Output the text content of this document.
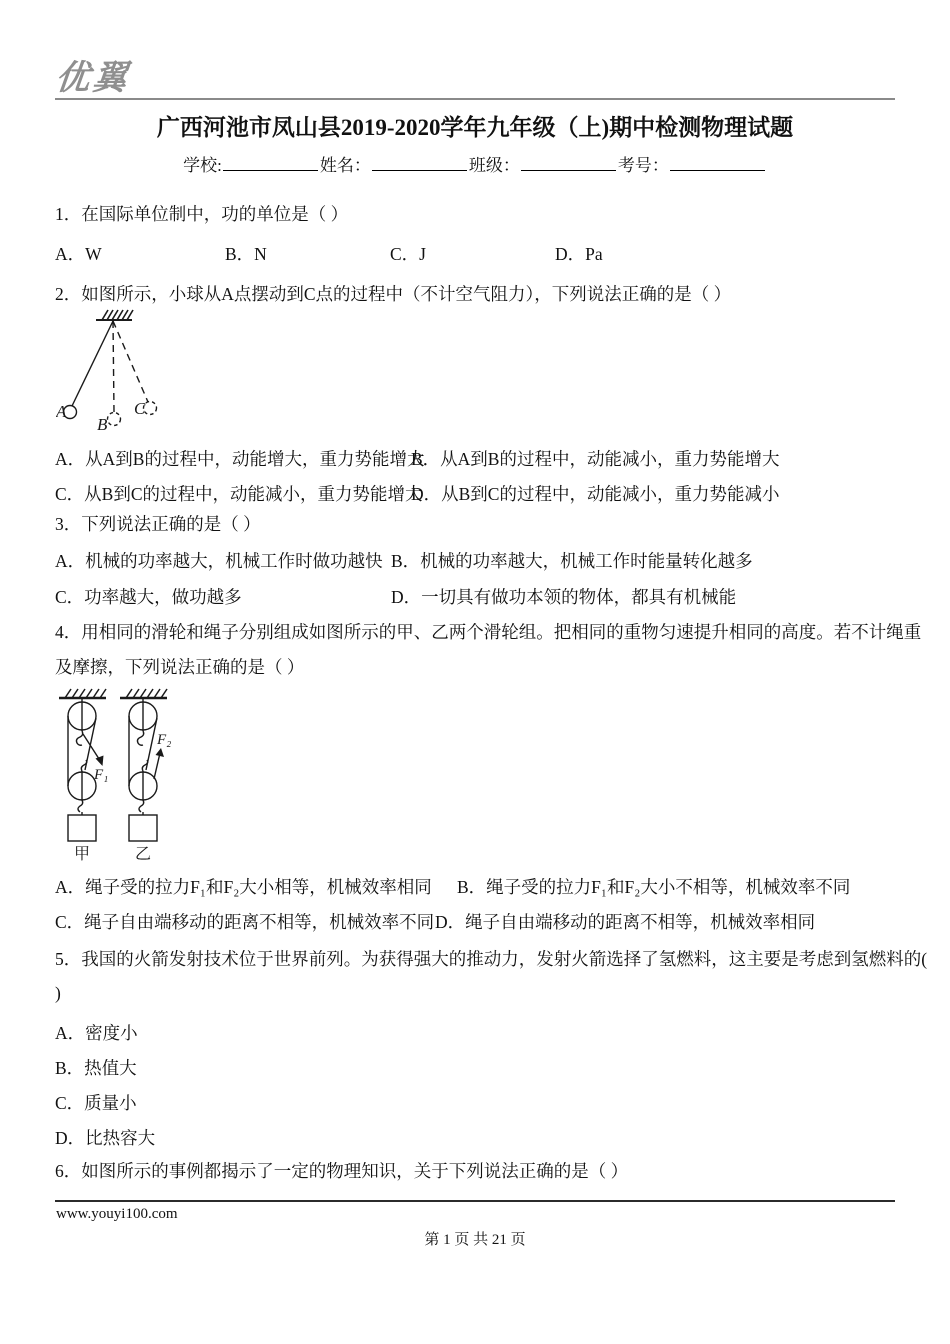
优翼
广西河池市凤山县2019-2020学年九年级（上)期中检测物理试题
学校:	姓名：	班级：	考号：
1．在国际单位制中，功的单位是（ ）
A．W	B．N	C．J	D．Pa
2．如图所示，小球从A点摆动到C点的过程中（不计空气阻力），下列说法正确的是（ ）
A
B
C
A．从A到B的过程中，动能增大，重力势能增大
B．从A到B的过程中，动能减小，重力势能增大
C．从B到C的过程中，动能减小，重力势能增大
D．从B到C的过程中，动能减小，重力势能减小
3．下列说法正确的是（ ）
A．机械的功率越大，机械工作时做功越快 B．机械的功率越大，机械工作时能量转化越多
C．功率越大，做功越多	D．一切具有做功本领的物体，都具有机械能
4．用相同的滑轮和绳子分别组成如图所示的甲、乙两个滑轮组。把相同的重物匀速提升相同的高度。若不计绳重
及摩擦，下列说法正确的是（ ）
F₁
甲
F₂
乙
A．绳子受的拉力F₁和F₂大小相等，机械效率相同	B．绳子受的拉力F₁和F₂大小不相等，机械效率不同
C．绳子自由端移动的距离不相等，机械效率不同 D．绳子自由端移动的距离不相等，机械效率相同
5．我国的火箭发射技术位于世界前列。为获得强大的推动力，发射火箭选择了氢燃料，这主要是考虑到氢燃料的(
)
A．密度小
B．热值大
C．质量小
D．比热容大
6．如图所示的事例都揭示了一定的物理知识，关于下列说法正确的是（ ）
www.youyi100.com
第 1 页 共 21 页
